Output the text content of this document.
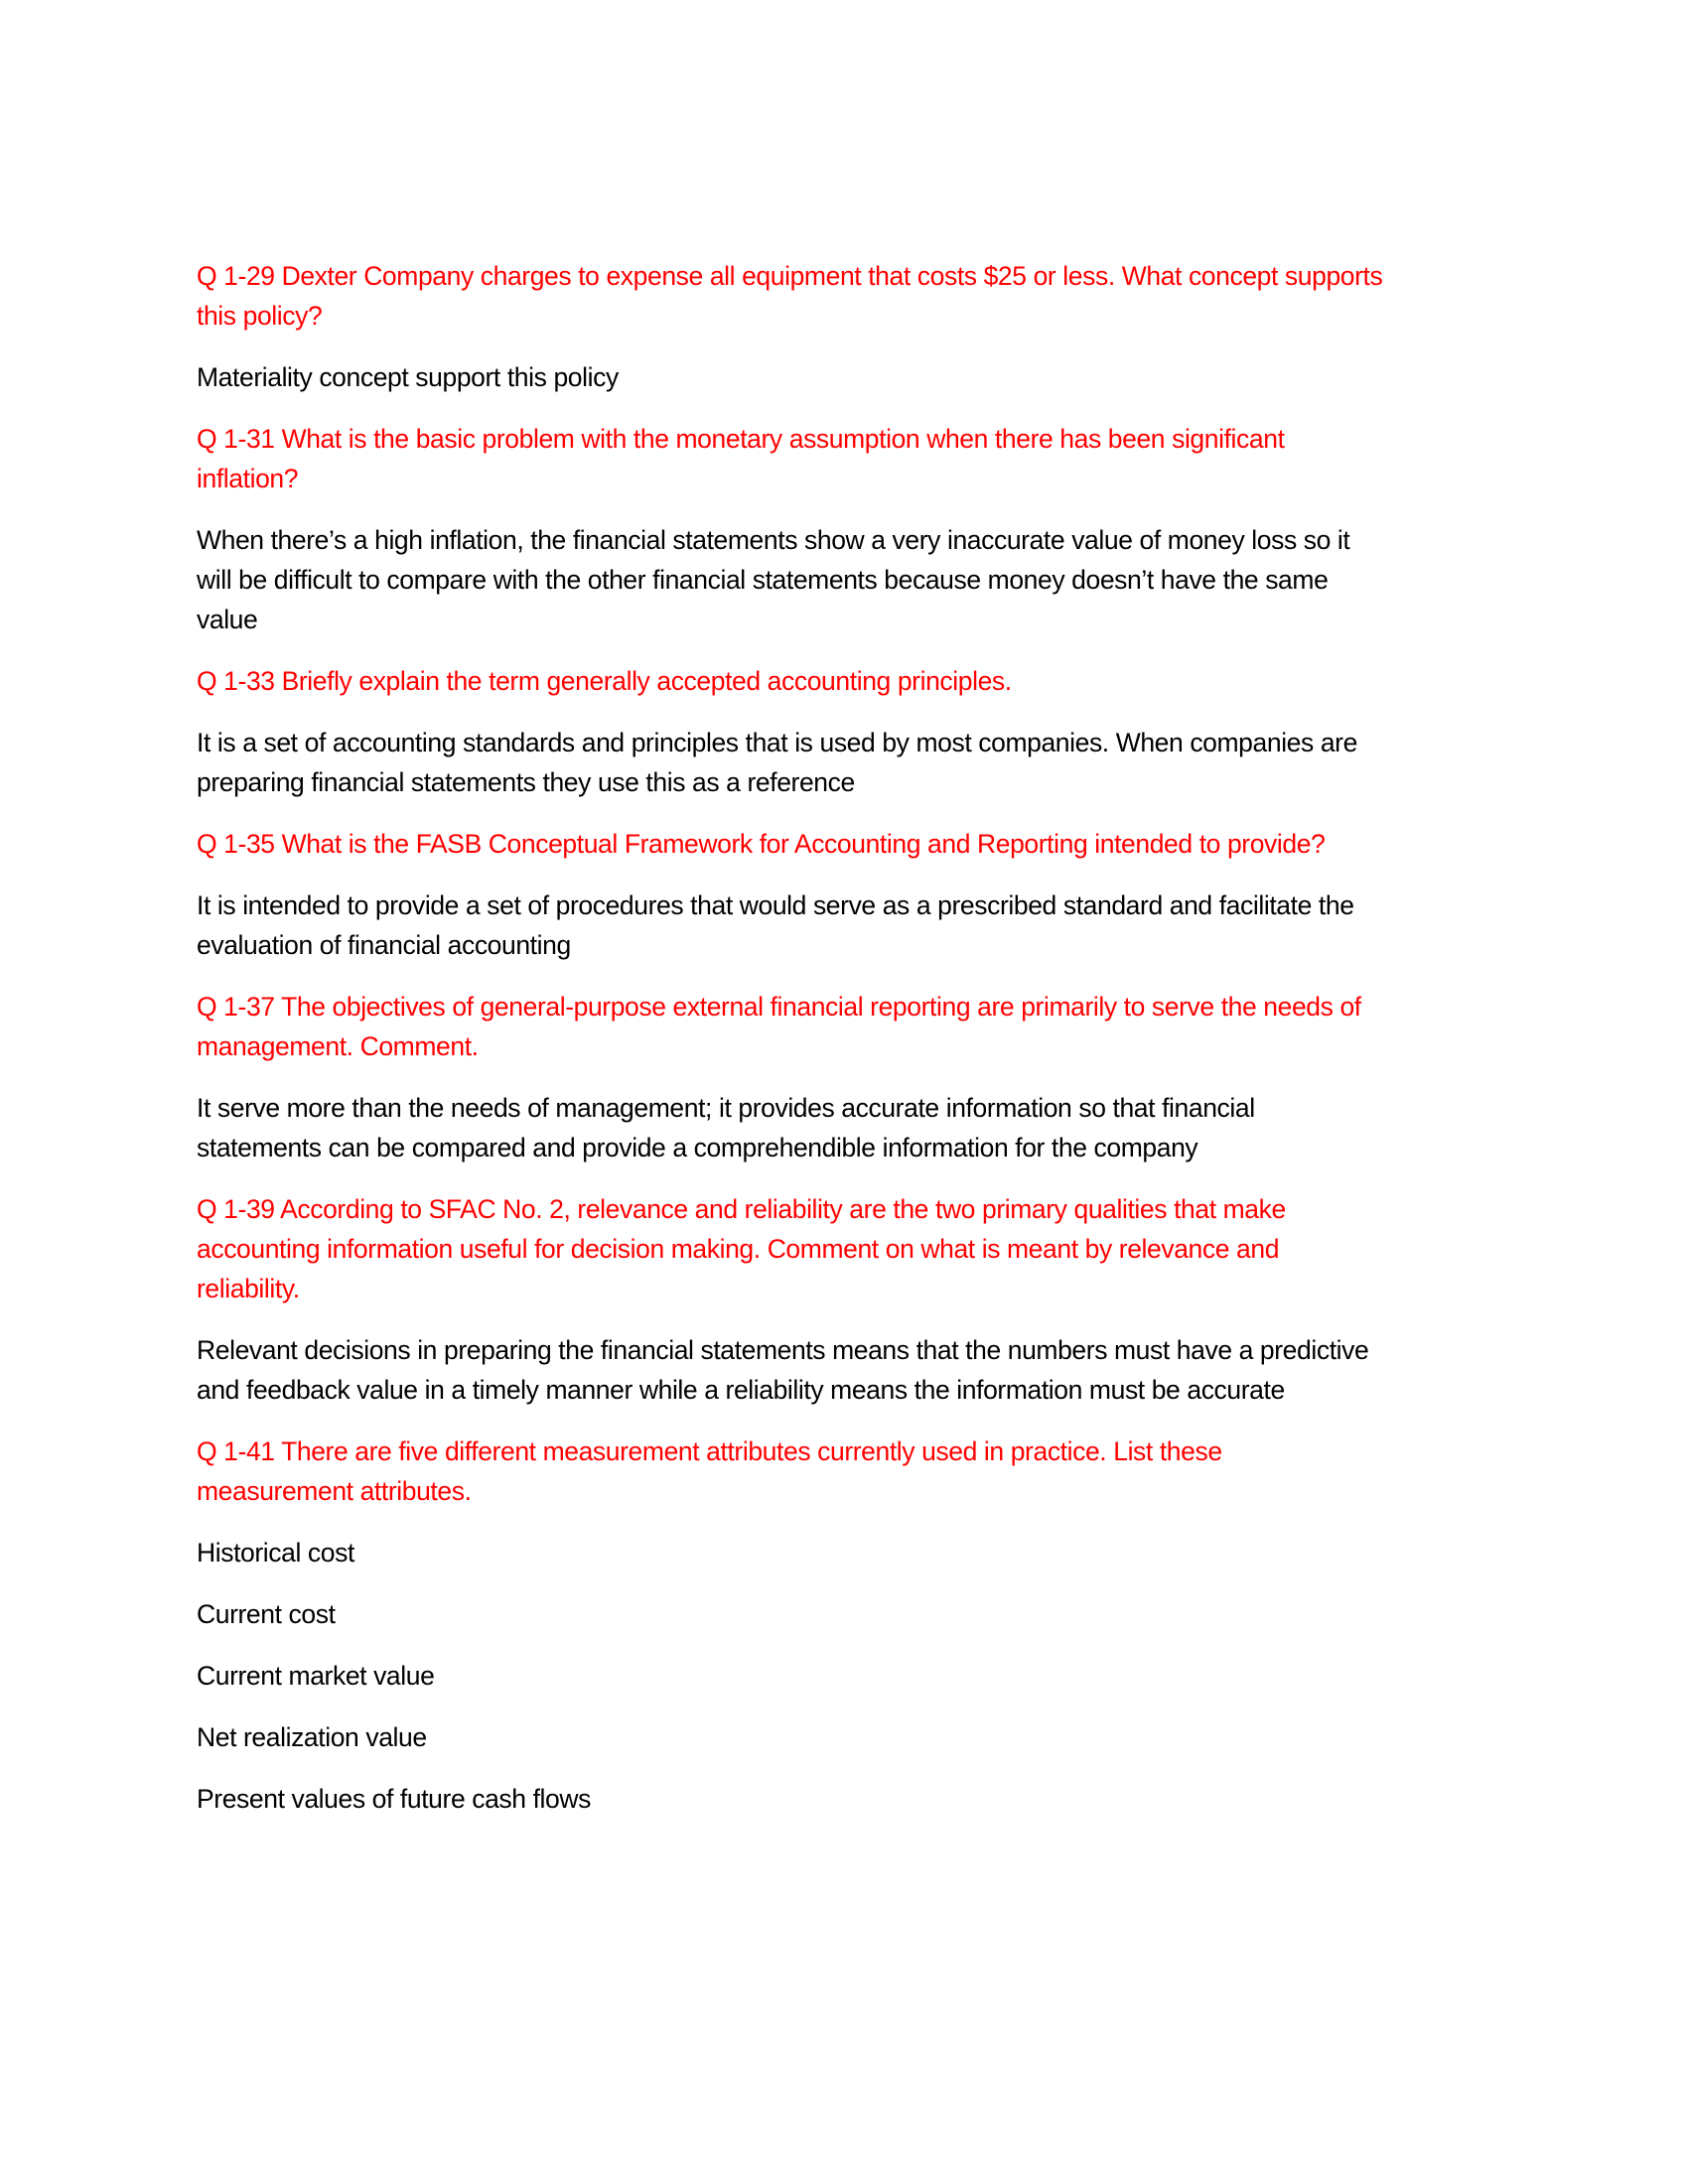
Q 1-29 Dexter Company charges to expense all equipment that costs $25 or less. What concept supports
this policy?
Materiality concept support this policy
Q 1-31 What is the basic problem with the monetary assumption when there has been significant
inflation?
When there’s a high inflation, the financial statements show a very inaccurate value of money loss so it
will be difficult to compare with the other financial statements because money doesn’t have the same
value
Q 1-33 Briefly explain the term generally accepted accounting principles.
It is a set of accounting standards and principles that is used by most companies. When companies are
preparing financial statements they use this as a reference
Q 1-35 What is the FASB Conceptual Framework for Accounting and Reporting intended to provide?
It is intended to provide a set of procedures that would serve as a prescribed standard and facilitate the
evaluation of financial accounting
Q 1-37 The objectives of general-purpose external financial reporting are primarily to serve the needs of
management. Comment.
It serve more than the needs of management; it provides accurate information so that financial
statements can be compared and provide a comprehendible information for the company
Q 1-39 According to SFAC No. 2, relevance and reliability are the two primary qualities that make
accounting information useful for decision making. Comment on what is meant by relevance and
reliability.
Relevant decisions in preparing the financial statements means that the numbers must have a predictive
and feedback value in a timely manner while a reliability means the information must be accurate
Q 1-41 There are five different measurement attributes currently used in practice. List these
measurement attributes.
Historical cost
Current cost
Current market value
Net realization value
Present values of future cash flows
